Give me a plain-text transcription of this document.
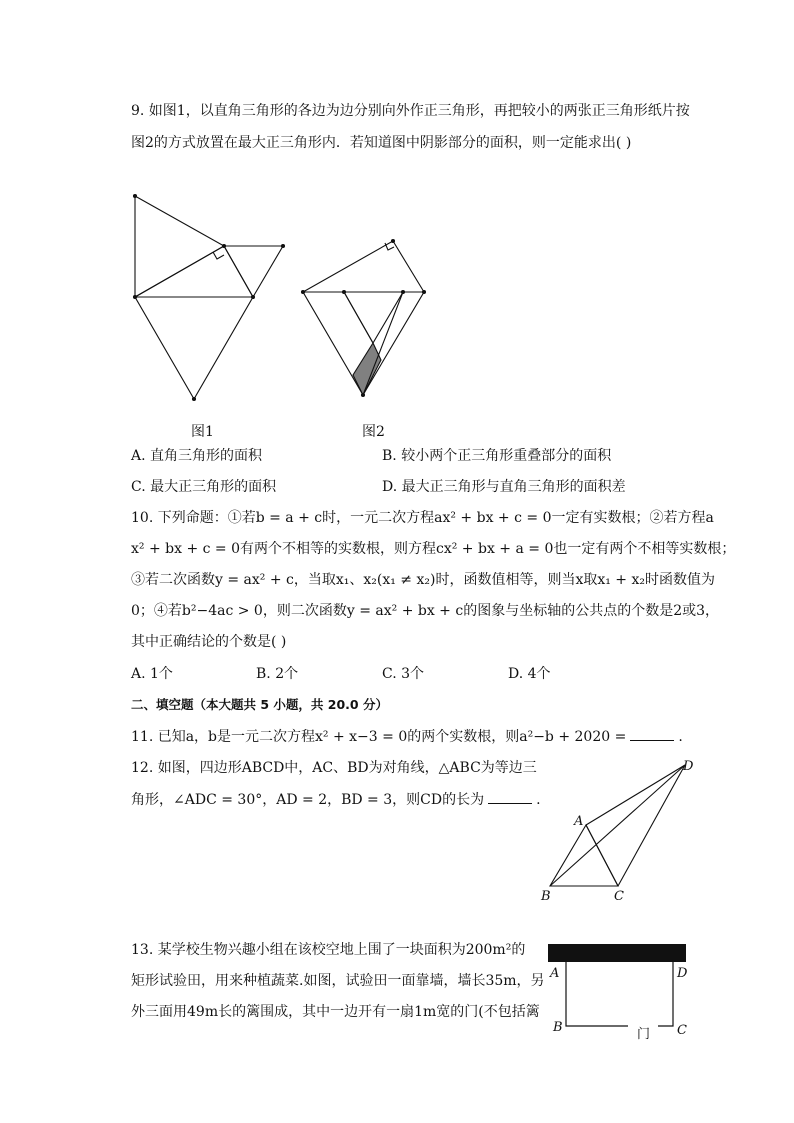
9. 如图1，以直角三角形的各边为边分别向外作正三角形，再把较小的两张正三角形纸片按
图2的方式放置在最大正三角形内．若知道图中阴影部分的面积，则一定能求出( )
A
B	C
D
A	D
B	C
门
图1	图2
A. 直角三角形的面积	B. 较小两个正三角形重叠部分的面积
C. 最大正三角形的面积	D. 最大正三角形与直角三角形的面积差
10. 下列命题：①若b = a + c时，一元二次方程ax² + bx + c = 0一定有实数根；②若方程a
x² + bx + c = 0有两个不相等的实数根，则方程cx² + bx + a = 0也一定有两个不相等实数根；
③若二次函数y = ax² + c，当取x₁、x₂(x₁ ≠ x₂)时，函数值相等，则当x取x₁ + x₂时函数值为
0；④若b²−4ac > 0，则二次函数y = ax² + bx + c的图象与坐标轴的公共点的个数是2或3，
其中正确结论的个数是( )
A. 1个	B. 2个	C. 3个	D. 4个
二、填空题（本大题共 5 小题，共 20.0 分）
11. 已知a，b是一元二次方程x² + x−3 = 0的两个实数根，则a²−b + 2020 =	.
12. 如图，四边形ABCD中，AC、BD为对角线，△ABC为等边三
角形，∠ADC = 30°，AD = 2，BD = 3，则CD的长为	.
13. 某学校生物兴趣小组在该校空地上围了一块面积为200m²的
矩形试验田，用来种植蔬菜.如图，试验田一面靠墙，墙长35m，另
外三面用49m长的篱围成，其中一边开有一扇1m宽的门(不包括篱
